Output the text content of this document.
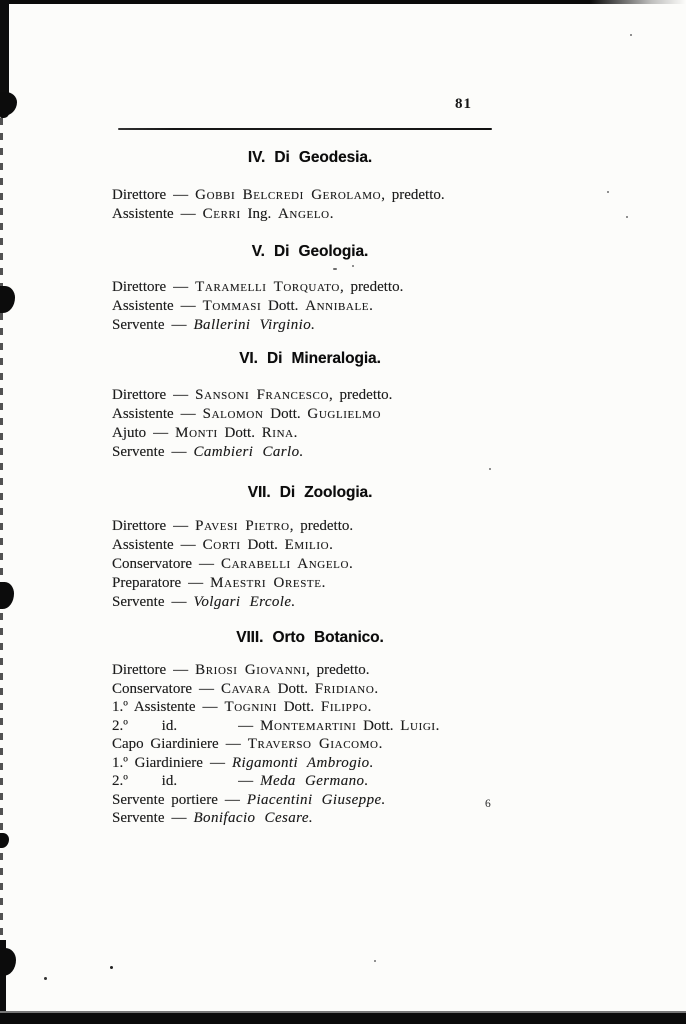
81
6
IV. Di Geodesia.
Direttore — Gobbi Belcredi Gerolamo, predetto.
Assistente — Cerri Ing. Angelo.
V. Di Geologia.
Direttore — Taramelli Torquato, predetto.
Assistente — Tommasi Dott. Annibale.
Servente — Ballerini Virginio.
VI. Di Mineralogia.
Direttore — Sansoni Francesco, predetto.
Assistente — Salomon Dott. Guglielmo
Ajuto — Monti Dott. Rina.
Servente — Cambieri Carlo.
VII. Di Zoologia.
Direttore — Pavesi Pietro, predetto.
Assistente — Corti Dott. Emilio.
Conservatore — Carabelli Angelo.
Preparatore — Maestri Oreste.
Servente — Volgari Ercole.
VIII. Orto Botanico.
Direttore — Briosi Giovanni, predetto.
Conservatore — Cavara Dott. Fridiano.
1.º Assistente — Tognini Dott. Filippo.
2.º     id.        — Montemartini Dott. Luigi.
Capo Giardiniere — Traverso Giacomo.
1.º Giardiniere — Rigamonti Ambrogio.
2.º     id.        — Meda Germano.
Servente portiere — Piacentini Giuseppe.
Servente — Bonifacio Cesare.
